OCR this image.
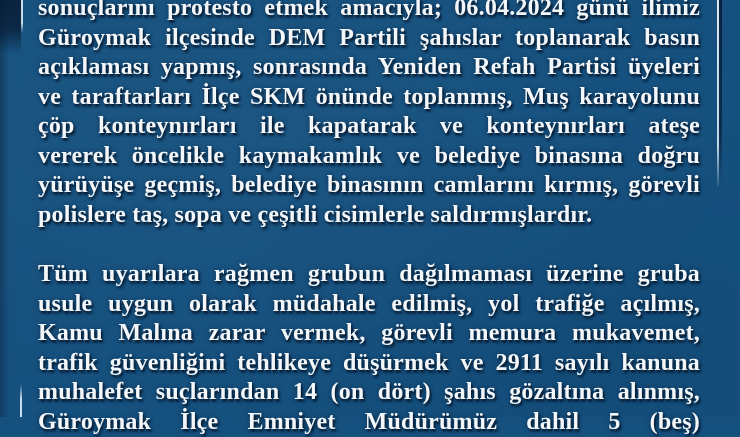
sonuçlarını protesto etmek amacıyla; 06.04.2024 günü ilimiz
Güroymak ilçesinde DEM Partili şahıslar toplanarak basın
açıklaması yapmış, sonrasında Yeniden Refah Partisi üyeleri
ve taraftarları İlçe SKM önünde toplanmış, Muş karayolunu
çöp konteynırları ile kapatarak ve konteynırları ateşe
vererek öncelikle kaymakamlık ve belediye binasına doğru
yürüyüşe geçmiş, belediye binasının camlarını kırmış, görevli
polislere taş, sopa ve çeşitli cisimlerle saldırmışlardır.
Tüm uyarılara rağmen grubun dağılmaması üzerine gruba
usule uygun olarak müdahale edilmiş, yol trafiğe açılmış,
Kamu Malına zarar vermek, görevli memura mukavemet,
trafik güvenliğini tehlikeye düşürmek ve 2911 sayılı kanuna
muhalefet suçlarından 14 (on dört) şahıs gözaltına alınmış,
Güroymak İlçe Emniyet Müdürümüz dahil 5 (beş)
